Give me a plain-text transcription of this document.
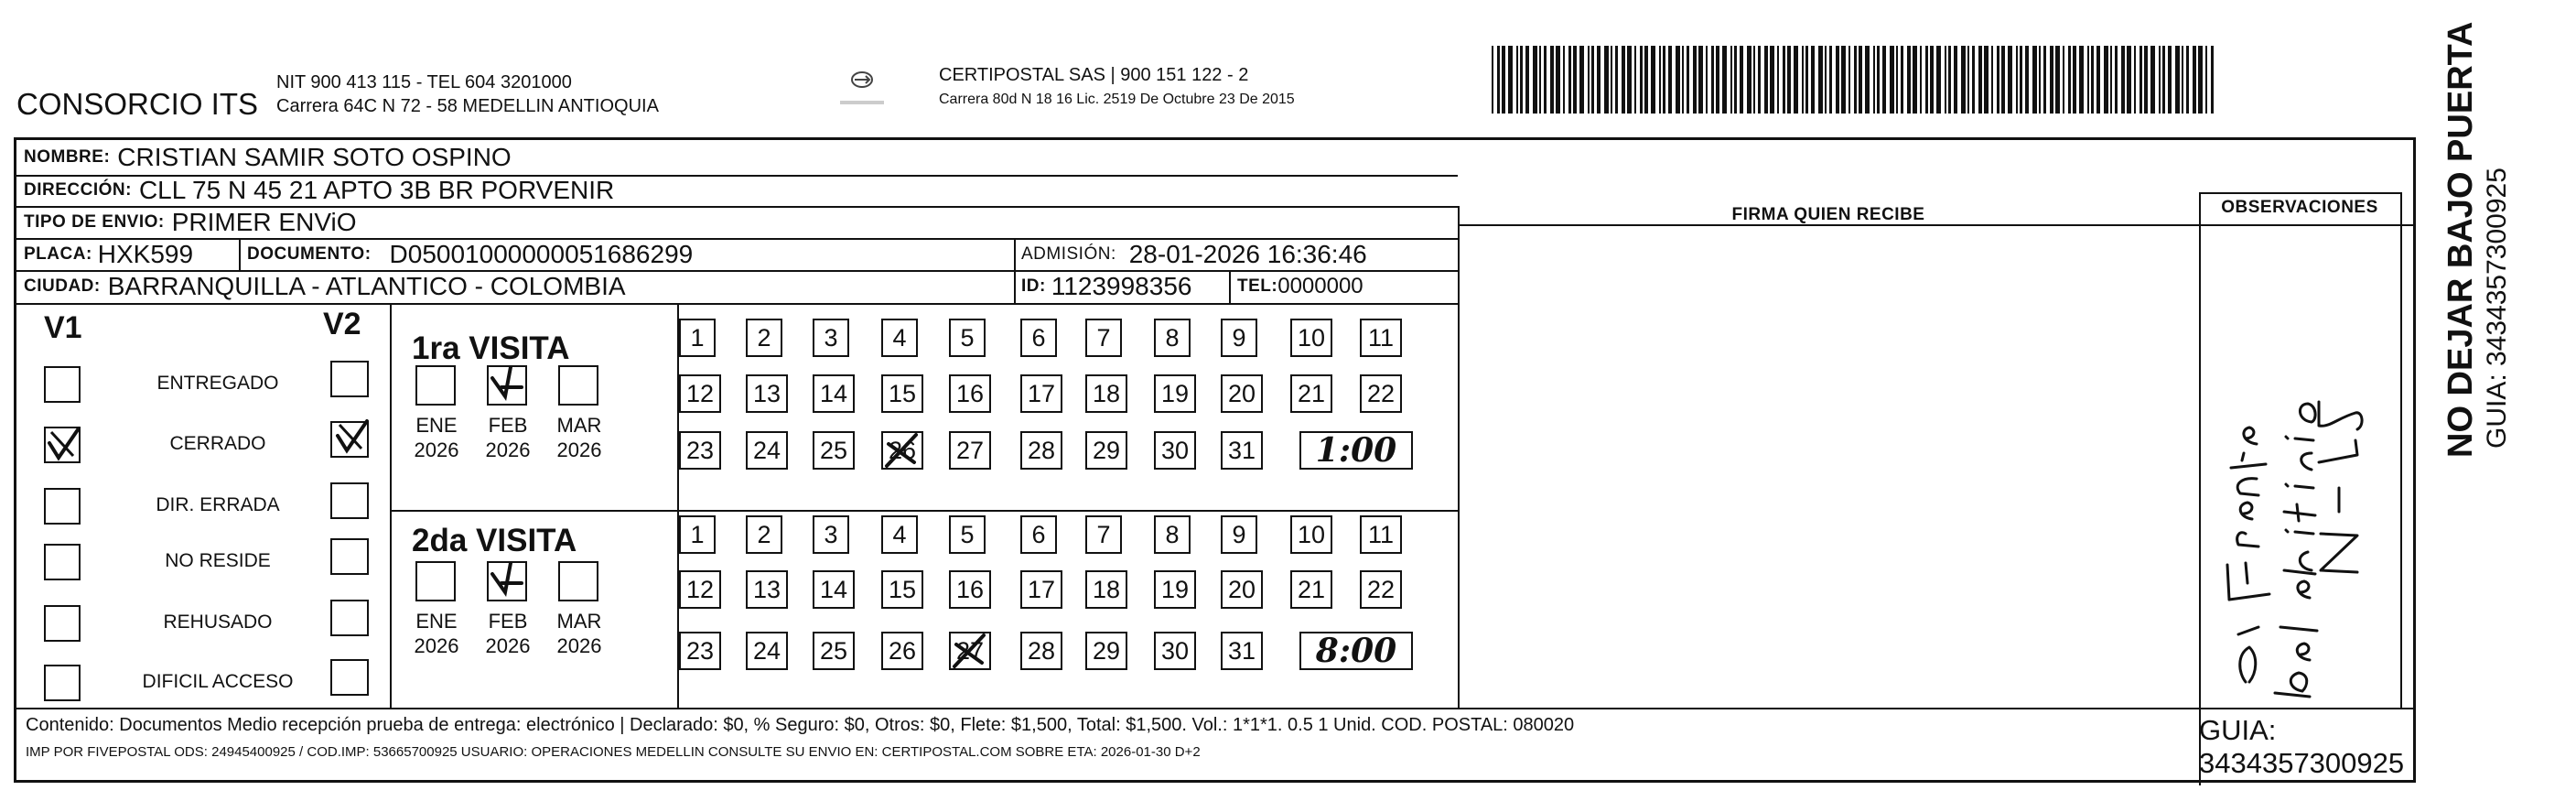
CONSORCIO ITS
NIT 900 413 115 - TEL 604 3201000
Carrera 64C N 72 - 58 MEDELLIN ANTIOQUIA
CERTIPOSTAL SAS | 900 151 122 - 2
Carrera 80d N 18 16 Lic. 2519 De Octubre 23 De 2015
NOMBRE: CRISTIAN SAMIR SOTO OSPINO
DIRECCIÓN: CLL 75 N 45 21 APTO 3B BR PORVENIR
TIPO DE ENVIO: PRIMER ENViO	FIRMA QUIEN RECIBE	OBSERVACIONES
PLACA: HXK599	DOCUMENTO: D05001000000051686299	ADMISIÓN: 28-01-2026 16:36:46
CIUDAD: BARRANQUILLA - ATLANTICO - COLOMBIA	ID: 1123998356	TEL: 0000000
V1	V2
ENTREGADO
CERRADO
DIR. ERRADA
NO RESIDE
REHUSADO
DIFICIL ACCESO
1ra VISITA
2da VISITA
ENE
2026
FEB
2026
MAR
2026
1	2	3	4	5	6	7	8	9	10	11
12 13 14 15 16 17 18 19 20 21 22
23 24 25 26 27 28 29 30 31	1:00
ENE
2026
FEB
2026
MAR
2026
1	2	3	4	5	6	7	8	9	10	11
12 13 14 15 16 17 18 19 20 21 22
23 24 25 26 27 28 29 30 31	8:00
Contenido: Documentos Medio recepción prueba de entrega: electrónico | Declarado: $0, % Seguro: $0, Otros: $0, Flete: $1,500, Total: $1,500. Vol.: 1*1*1. 0.5 1 Unid. COD. POSTAL: 080020
IMP POR FIVEPOSTAL ODS: 24945400925 / COD.IMP: 53665700925 USUARIO: OPERACIONES MEDELLIN CONSULTE SU ENVIO EN: CERTIPOSTAL.COM SOBRE ETA: 2026-01-30 D+2
GUIA: 3434357300925
NO DEJAR BAJO PUERTA GUIA: 3434357300925
